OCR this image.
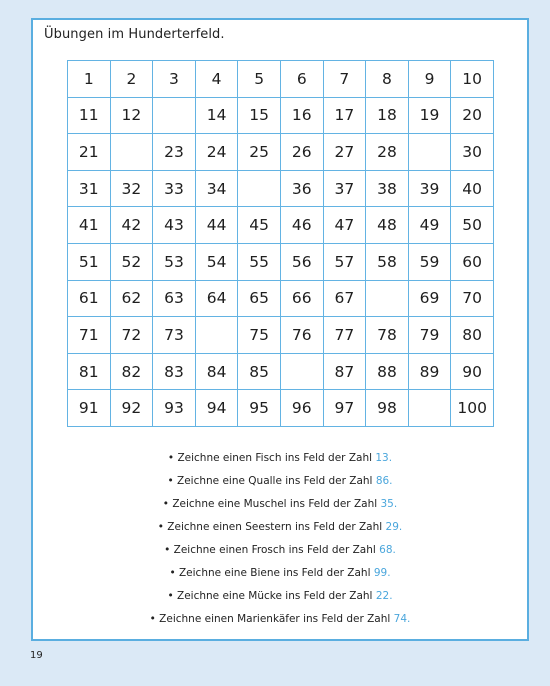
Übungen im Hunderterfeld.
1	2	3	4	5	6	7	8	9	10
11	12		14	15	16	17	18	19	20
21		23	24	25	26	27	28		30
31	32	33	34		36	37	38	39	40
41	42	43	44	45	46	47	48	49	50
51	52	53	54	55	56	57	58	59	60
61	62	63	64	65	66	67		69	70
71	72	73		75	76	77	78	79	80
81	82	83	84	85		87	88	89	90
91	92	93	94	95	96	97	98		100
• Zeichne einen Fisch ins Feld der Zahl 13.
• Zeichne eine Qualle ins Feld der Zahl 86.
• Zeichne eine Muschel ins Feld der Zahl 35.
• Zeichne einen Seestern ins Feld der Zahl 29.
• Zeichne einen Frosch ins Feld der Zahl 68.
• Zeichne eine Biene ins Feld der Zahl 99.
• Zeichne eine Mücke ins Feld der Zahl 22.
• Zeichne einen Marienkäfer ins Feld der Zahl 74.
19
